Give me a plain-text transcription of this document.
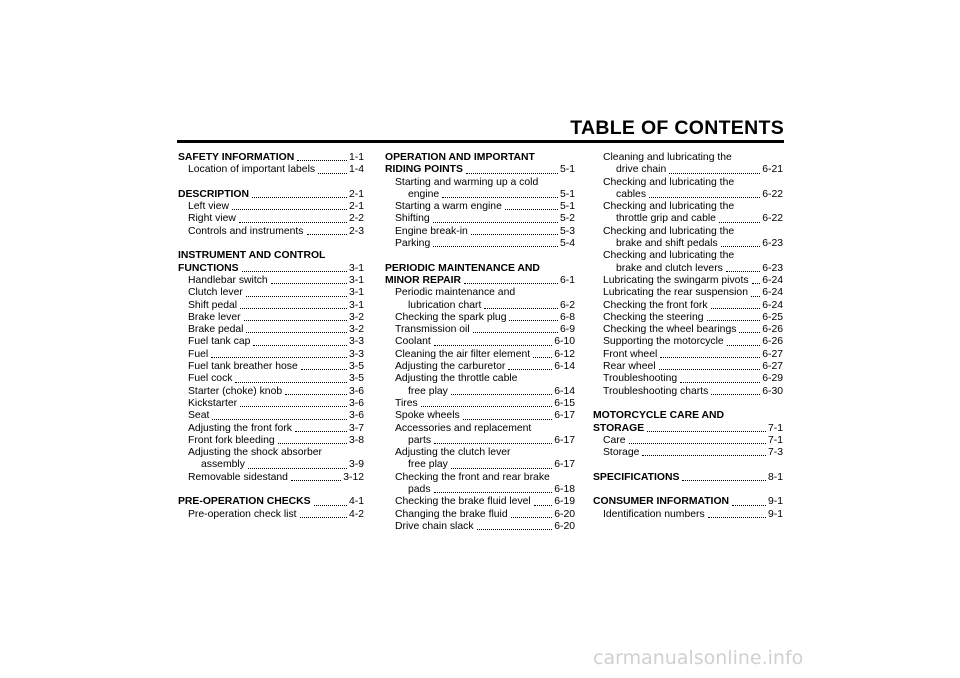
TABLE OF CONTENTS
SAFETY INFORMATION	1-1
Location of important labels	1-4
DESCRIPTION	2-1
Left view	2-1
Right view	2-2
Controls and instruments	2-3
INSTRUMENT AND CONTROL
FUNCTIONS	3-1
Handlebar switch	3-1
Clutch lever	3-1
Shift pedal	3-1
Brake lever	3-2
Brake pedal	3-2
Fuel tank cap	3-3
Fuel	3-3
Fuel tank breather hose	3-5
Fuel cock	3-5
Starter (choke) knob	3-6
Kickstarter	3-6
Seat	3-6
Adjusting the front fork	3-7
Front fork bleeding	3-8
Adjusting the shock absorber
assembly	3-9
Removable sidestand	3-12
PRE-OPERATION CHECKS	4-1
Pre-operation check list	4-2
OPERATION AND IMPORTANT
RIDING POINTS	5-1
Starting and warming up a cold
engine	5-1
Starting a warm engine	5-1
Shifting	5-2
Engine break-in	5-3
Parking	5-4
PERIODIC MAINTENANCE AND
MINOR REPAIR	6-1
Periodic maintenance and
lubrication chart	6-2
Checking the spark plug	6-8
Transmission oil	6-9
Coolant	6-10
Cleaning the air filter element 6-12
Adjusting the carburetor	6-14
Adjusting the throttle cable
free play	6-14
Tires	6-15
Spoke wheels	6-17
Accessories and replacement
parts	6-17
Adjusting the clutch lever
free play	6-17
Checking the front and rear brake
pads	6-18
Checking the brake fluid level 6-19
Changing the brake fluid	6-20
Drive chain slack	6-20
Cleaning and lubricating the
drive chain	6-21
Checking and lubricating the
cables	6-22
Checking and lubricating the
throttle grip and cable	6-22
Checking and lubricating the
brake and shift pedals	6-23
Checking and lubricating the
brake and clutch levers	6-23
Lubricating the swingarm pivots 6-24
Lubricating the rear suspension 6-24
Checking the front fork	6-24
Checking the steering	6-25
Checking the wheel bearings 6-26
Supporting the motorcycle	6-26
Front wheel	6-27
Rear wheel	6-27
Troubleshooting	6-29
Troubleshooting charts	6-30
MOTORCYCLE CARE AND
STORAGE	7-1
Care	7-1
Storage	7-3
SPECIFICATIONS	8-1
CONSUMER INFORMATION	9-1
Identification numbers	9-1
carmanualsonline.info
